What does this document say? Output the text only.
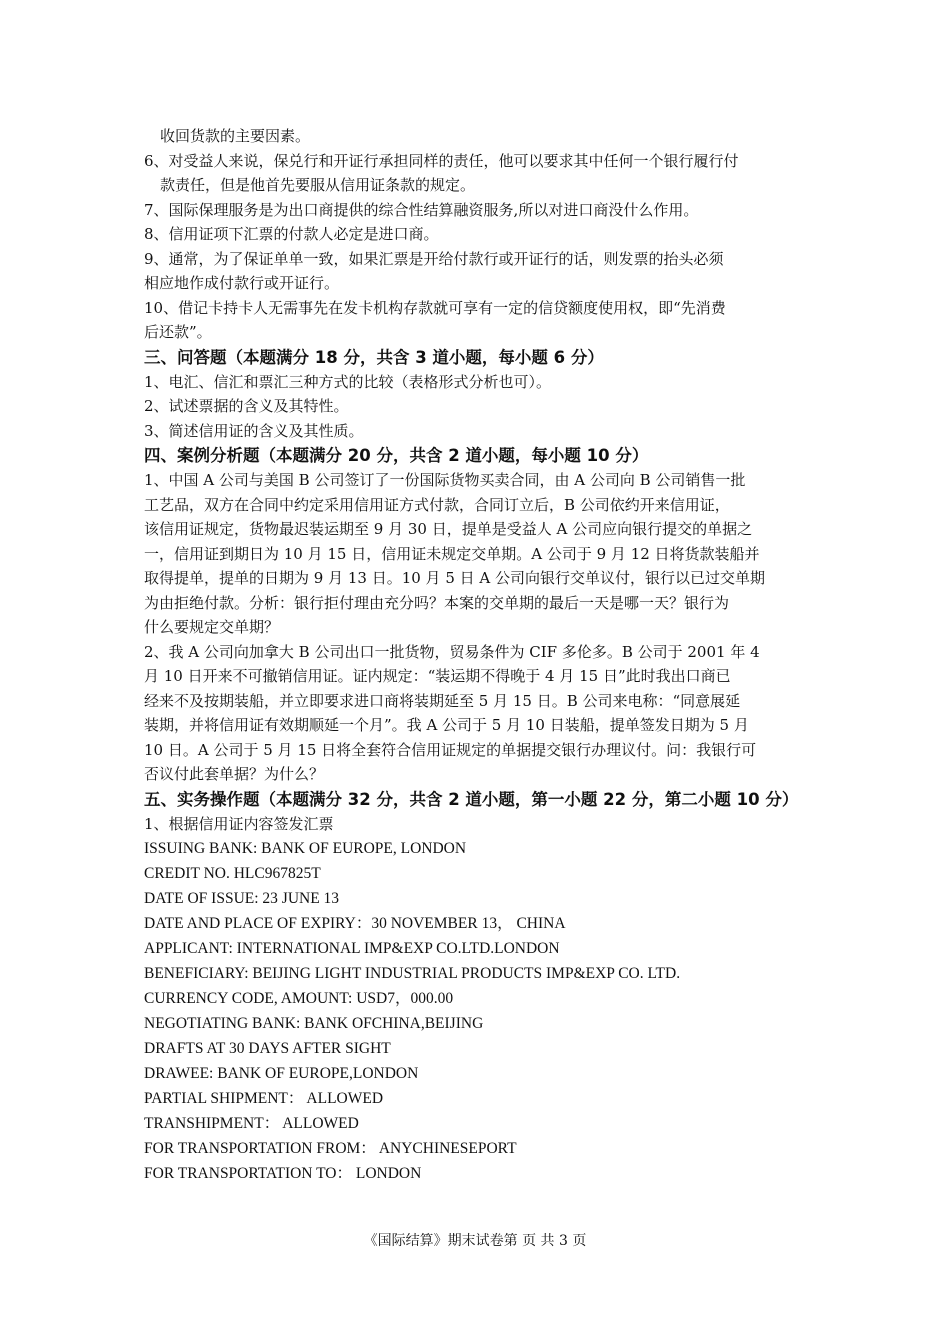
收回货款的主要因素。
6、对受益人来说，保兑行和开证行承担同样的责任，他可以要求其中任何一个银行履行付
款责任，但是他首先要服从信用证条款的规定。
7、国际保理服务是为出口商提供的综合性结算融资服务,所以对进口商没什么作用。
8、信用证项下汇票的付款人必定是进口商。
9、通常，为了保证单单一致，如果汇票是开给付款行或开证行的话，则发票的抬头必须
相应地作成付款行或开证行。
10、借记卡持卡人无需事先在发卡机构存款就可享有一定的信贷额度使用权，即“先消费
后还款”。
三、问答题（本题满分 18 分，共含 3 道小题，每小题 6 分）
1、电汇、信汇和票汇三种方式的比较（表格形式分析也可）。
2、试述票据的含义及其特性。
3、简述信用证的含义及其性质。
四、案例分析题（本题满分 20 分，共含 2 道小题，每小题 10 分）
1、中国 A 公司与美国 B 公司签订了一份国际货物买卖合同，由 A 公司向 B 公司销售一批
工艺品，双方在合同中约定采用信用证方式付款，合同订立后，B 公司依约开来信用证，
该信用证规定，货物最迟装运期至 9 月 30 日，提单是受益人 A 公司应向银行提交的单据之
一，信用证到期日为 10 月 15 日，信用证未规定交单期。A 公司于 9 月 12 日将货款装船并
取得提单，提单的日期为 9 月 13 日。10 月 5 日 A 公司向银行交单议付，银行以已过交单期
为由拒绝付款。分析：银行拒付理由充分吗？本案的交单期的最后一天是哪一天？银行为
什么要规定交单期？
2、我 A 公司向加拿大 B 公司出口一批货物，贸易条件为 CIF 多伦多。B 公司于 2001 年 4
月 10 日开来不可撤销信用证。证内规定：“装运期不得晚于 4 月 15 日”此时我出口商已
经来不及按期装船，并立即要求进口商将装期延至 5 月 15 日。B 公司来电称：“同意展延
装期，并将信用证有效期顺延一个月”。我 A 公司于 5 月 10 日装船，提单签发日期为 5 月
10 日。A 公司于 5 月 15 日将全套符合信用证规定的单据提交银行办理议付。问：我银行可
否议付此套单据？为什么？
五、实务操作题（本题满分 32 分，共含 2 道小题，第一小题 22 分，第二小题 10 分）
1、根据信用证内容签发汇票
ISSUING BANK: BANK OF EUROPE, LONDON
CREDIT NO. HLC967825T
DATE OF ISSUE: 23 JUNE 13
DATE AND PLACE OF EXPIRY：30 NOVEMBER 13， CHINA
APPLICANT: INTERNATIONAL IMP&EXP CO.LTD.LONDON
BENEFICIARY: BEIJING LIGHT INDUSTRIAL PRODUCTS IMP&EXP CO. LTD.
CURRENCY CODE, AMOUNT: USD7，000.00
NEGOTIATING BANK: BANK OFCHINA,BEIJING
DRAFTS AT 30 DAYS AFTER SIGHT
DRAWEE: BANK OF EUROPE,LONDON
PARTIAL SHIPMENT： ALLOWED
TRANSHIPMENT： ALLOWED
FOR TRANSPORTATION FROM： ANYCHINESEPORT
FOR TRANSPORTATION TO： LONDON
《国际结算》期末试卷第 页 共 3 页
